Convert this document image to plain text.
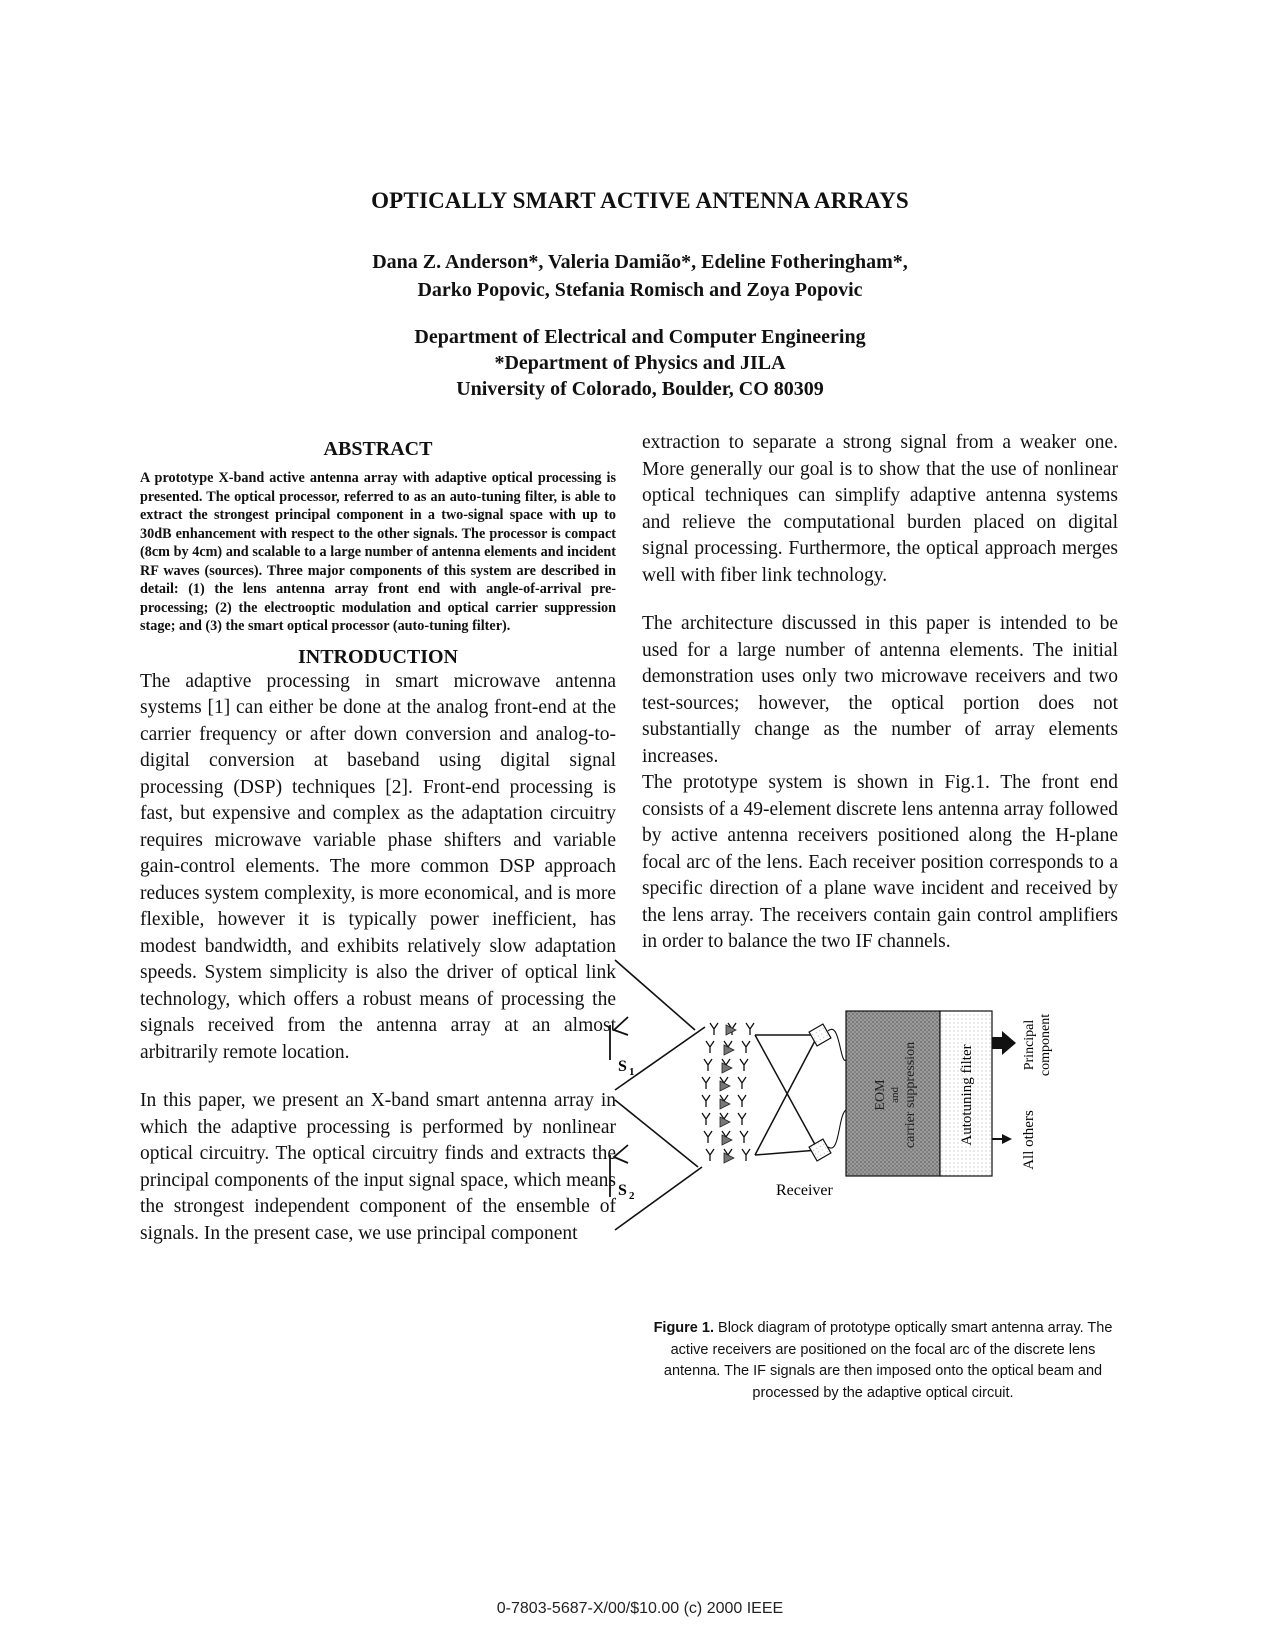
OPTICALLY SMART ACTIVE ANTENNA ARRAYS
Dana Z. Anderson*, Valeria Damião*, Edeline Fotheringham*,
Darko Popovic, Stefania Romisch and Zoya Popovic
Department of Electrical and Computer Engineering
*Department of Physics and JILA
University of Colorado, Boulder, CO 80309
ABSTRACT

A prototype X-band active antenna array with adaptive optical processing is presented. The optical processor, referred to as an auto-tuning filter, is able to extract the strongest principal component in a two-signal space with up to 30dB enhancement with respect to the other signals. The processor is compact (8cm by 4cm) and scalable to a large number of antenna elements and incident RF waves (sources). Three major components of this system are described in detail: (1) the lens antenna array front end with angle-of-arrival pre-processing; (2) the electrooptic modulation and optical carrier suppression stage; and (3) the smart optical processor (auto-tuning filter).

INTRODUCTION

The adaptive processing in smart microwave antenna systems [1] can either be done at the analog front-end at the carrier frequency or after down conversion and analog-to-digital conversion at baseband using digital signal processing (DSP) techniques [2]. Front-end processing is fast, but expensive and complex as the adaptation circuitry requires microwave variable phase shifters and variable gain-control elements. The more common DSP approach reduces system complexity, is more economical, and is more flexible, however it is typically power inefficient, has modest bandwidth, and exhibits relatively slow adaptation speeds. System simplicity is also the driver of optical link technology, which offers a robust means of processing the signals received from the antenna array at an almost arbitrarily remote location.

In this paper, we present an X-band smart antenna array in which the adaptive processing is performed by nonlinear optical circuitry. The optical circuitry finds and extracts the principal components of the input signal space, which means the strongest independent component of the ensemble of signals. In the present case, we use principal component

extraction to separate a strong signal from a weaker one. More generally our goal is to show that the use of nonlinear optical techniques can simplify adaptive antenna systems and relieve the computational burden placed on digital signal processing. Furthermore, the optical approach merges well with fiber link technology.

The architecture discussed in this paper is intended to be used for a large number of antenna elements. The initial demonstration uses only two microwave receivers and two test-sources; however, the optical portion does not substantially change as the number of array elements increases.

The prototype system is shown in Fig.1. The front end consists of a 49-element discrete lens antenna array followed by active antenna receivers positioned along the H-plane focal arc of the lens. Each receiver position corresponds to a specific direction of a plane wave incident and received by the lens array. The receivers contain gain control amplifiers in order to balance the two IF channels.

S 1
S 2	Receiver
EOM and carrier suppression	Autotuning filter	Principal component
All others
Figure 1. Block diagram of prototype optically smart antenna array. The active receivers are positioned on the focal arc of the discrete lens antenna. The IF signals are then imposed onto the optical beam and processed by the adaptive optical circuit.
0-7803-5687-X/00/$10.00 (c) 2000 IEEE
